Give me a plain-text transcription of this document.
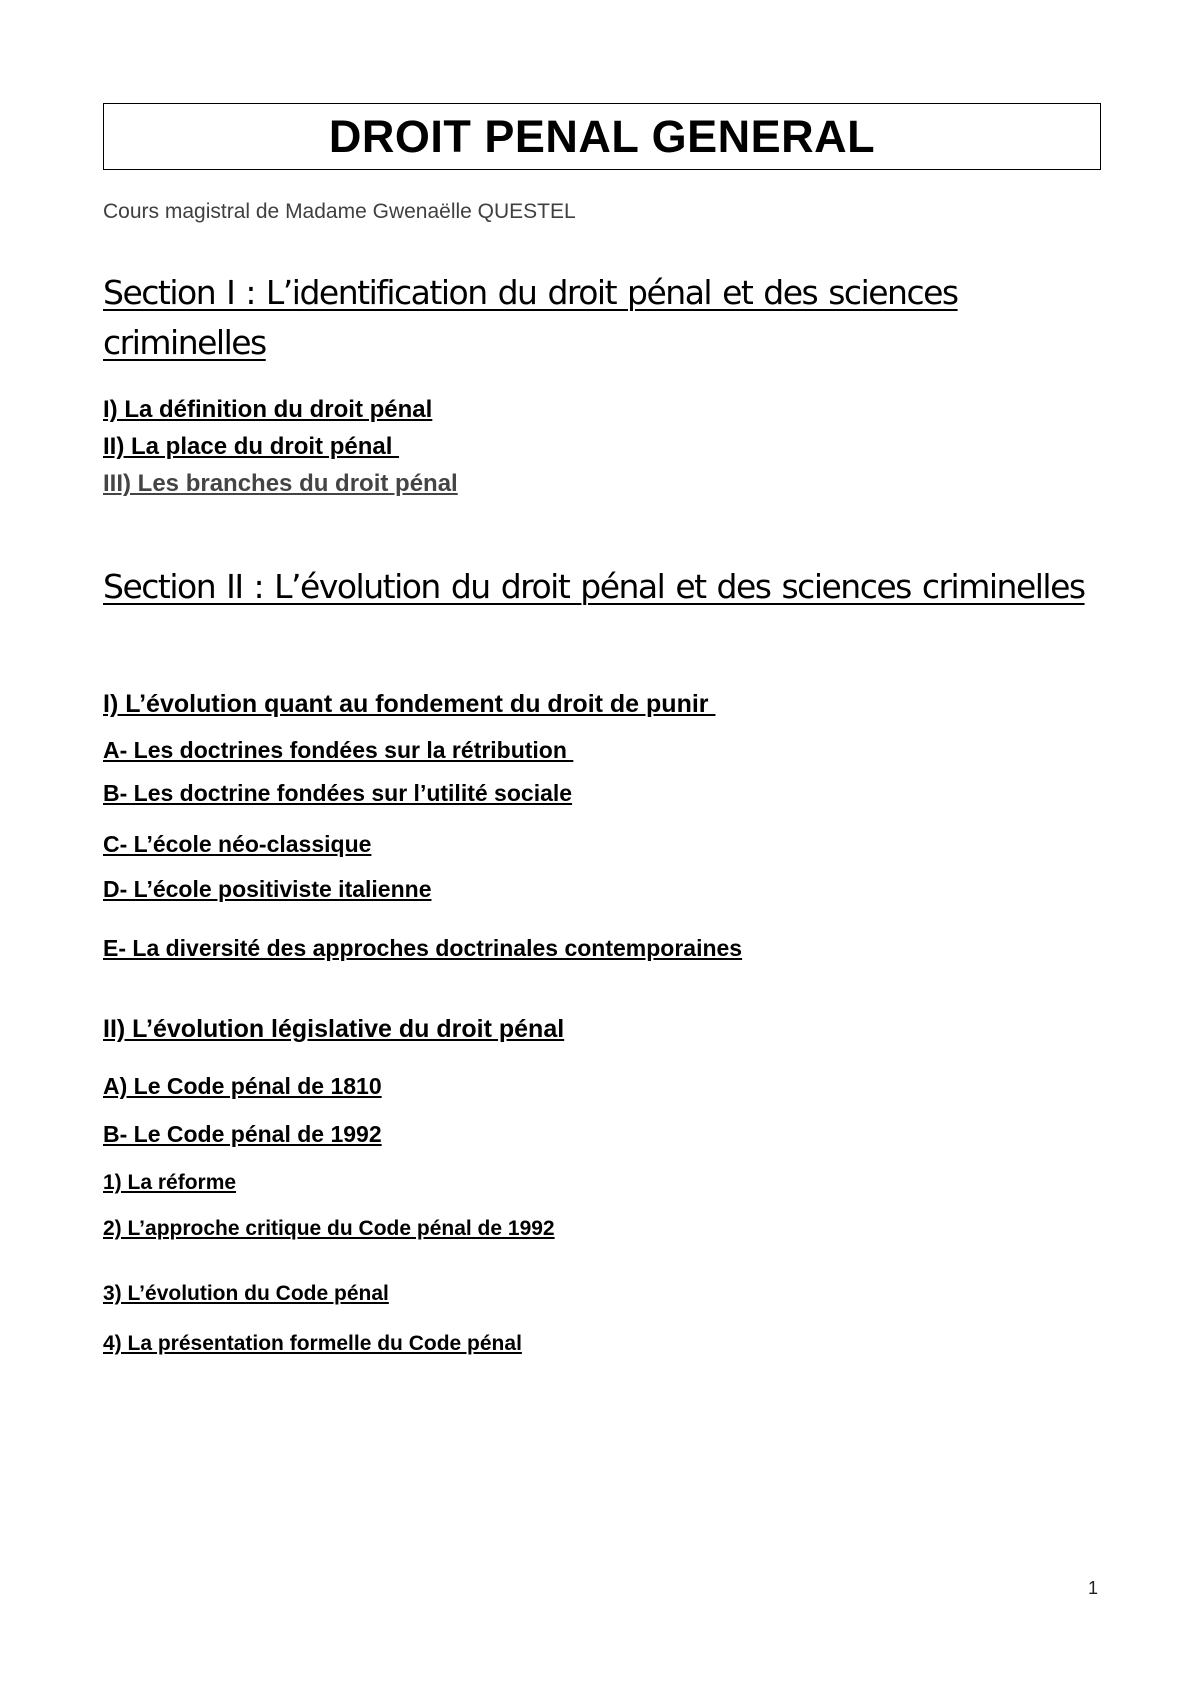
DROIT PENAL GENERAL
Cours magistral de Madame Gwenaëlle QUESTEL
Section I : L’identification du droit pénal et des sciences criminelles
I) La définition du droit pénal
II) La place du droit pénal
III) Les branches du droit pénal
Section II : L’évolution du droit pénal et des sciences criminelles
I) L’évolution quant au fondement du droit de punir
A- Les doctrines fondées sur la rétribution
B- Les doctrine fondées sur l’utilité sociale
C- L’école néo-classique
D- L’école positiviste italienne
E- La diversité des approches doctrinales contemporaines
II) L’évolution législative du droit pénal
A) Le Code pénal de 1810
B- Le Code pénal de 1992
1) La réforme
2) L’approche critique du Code pénal de 1992
3) L’évolution du Code pénal
4) La présentation formelle du Code pénal
1
